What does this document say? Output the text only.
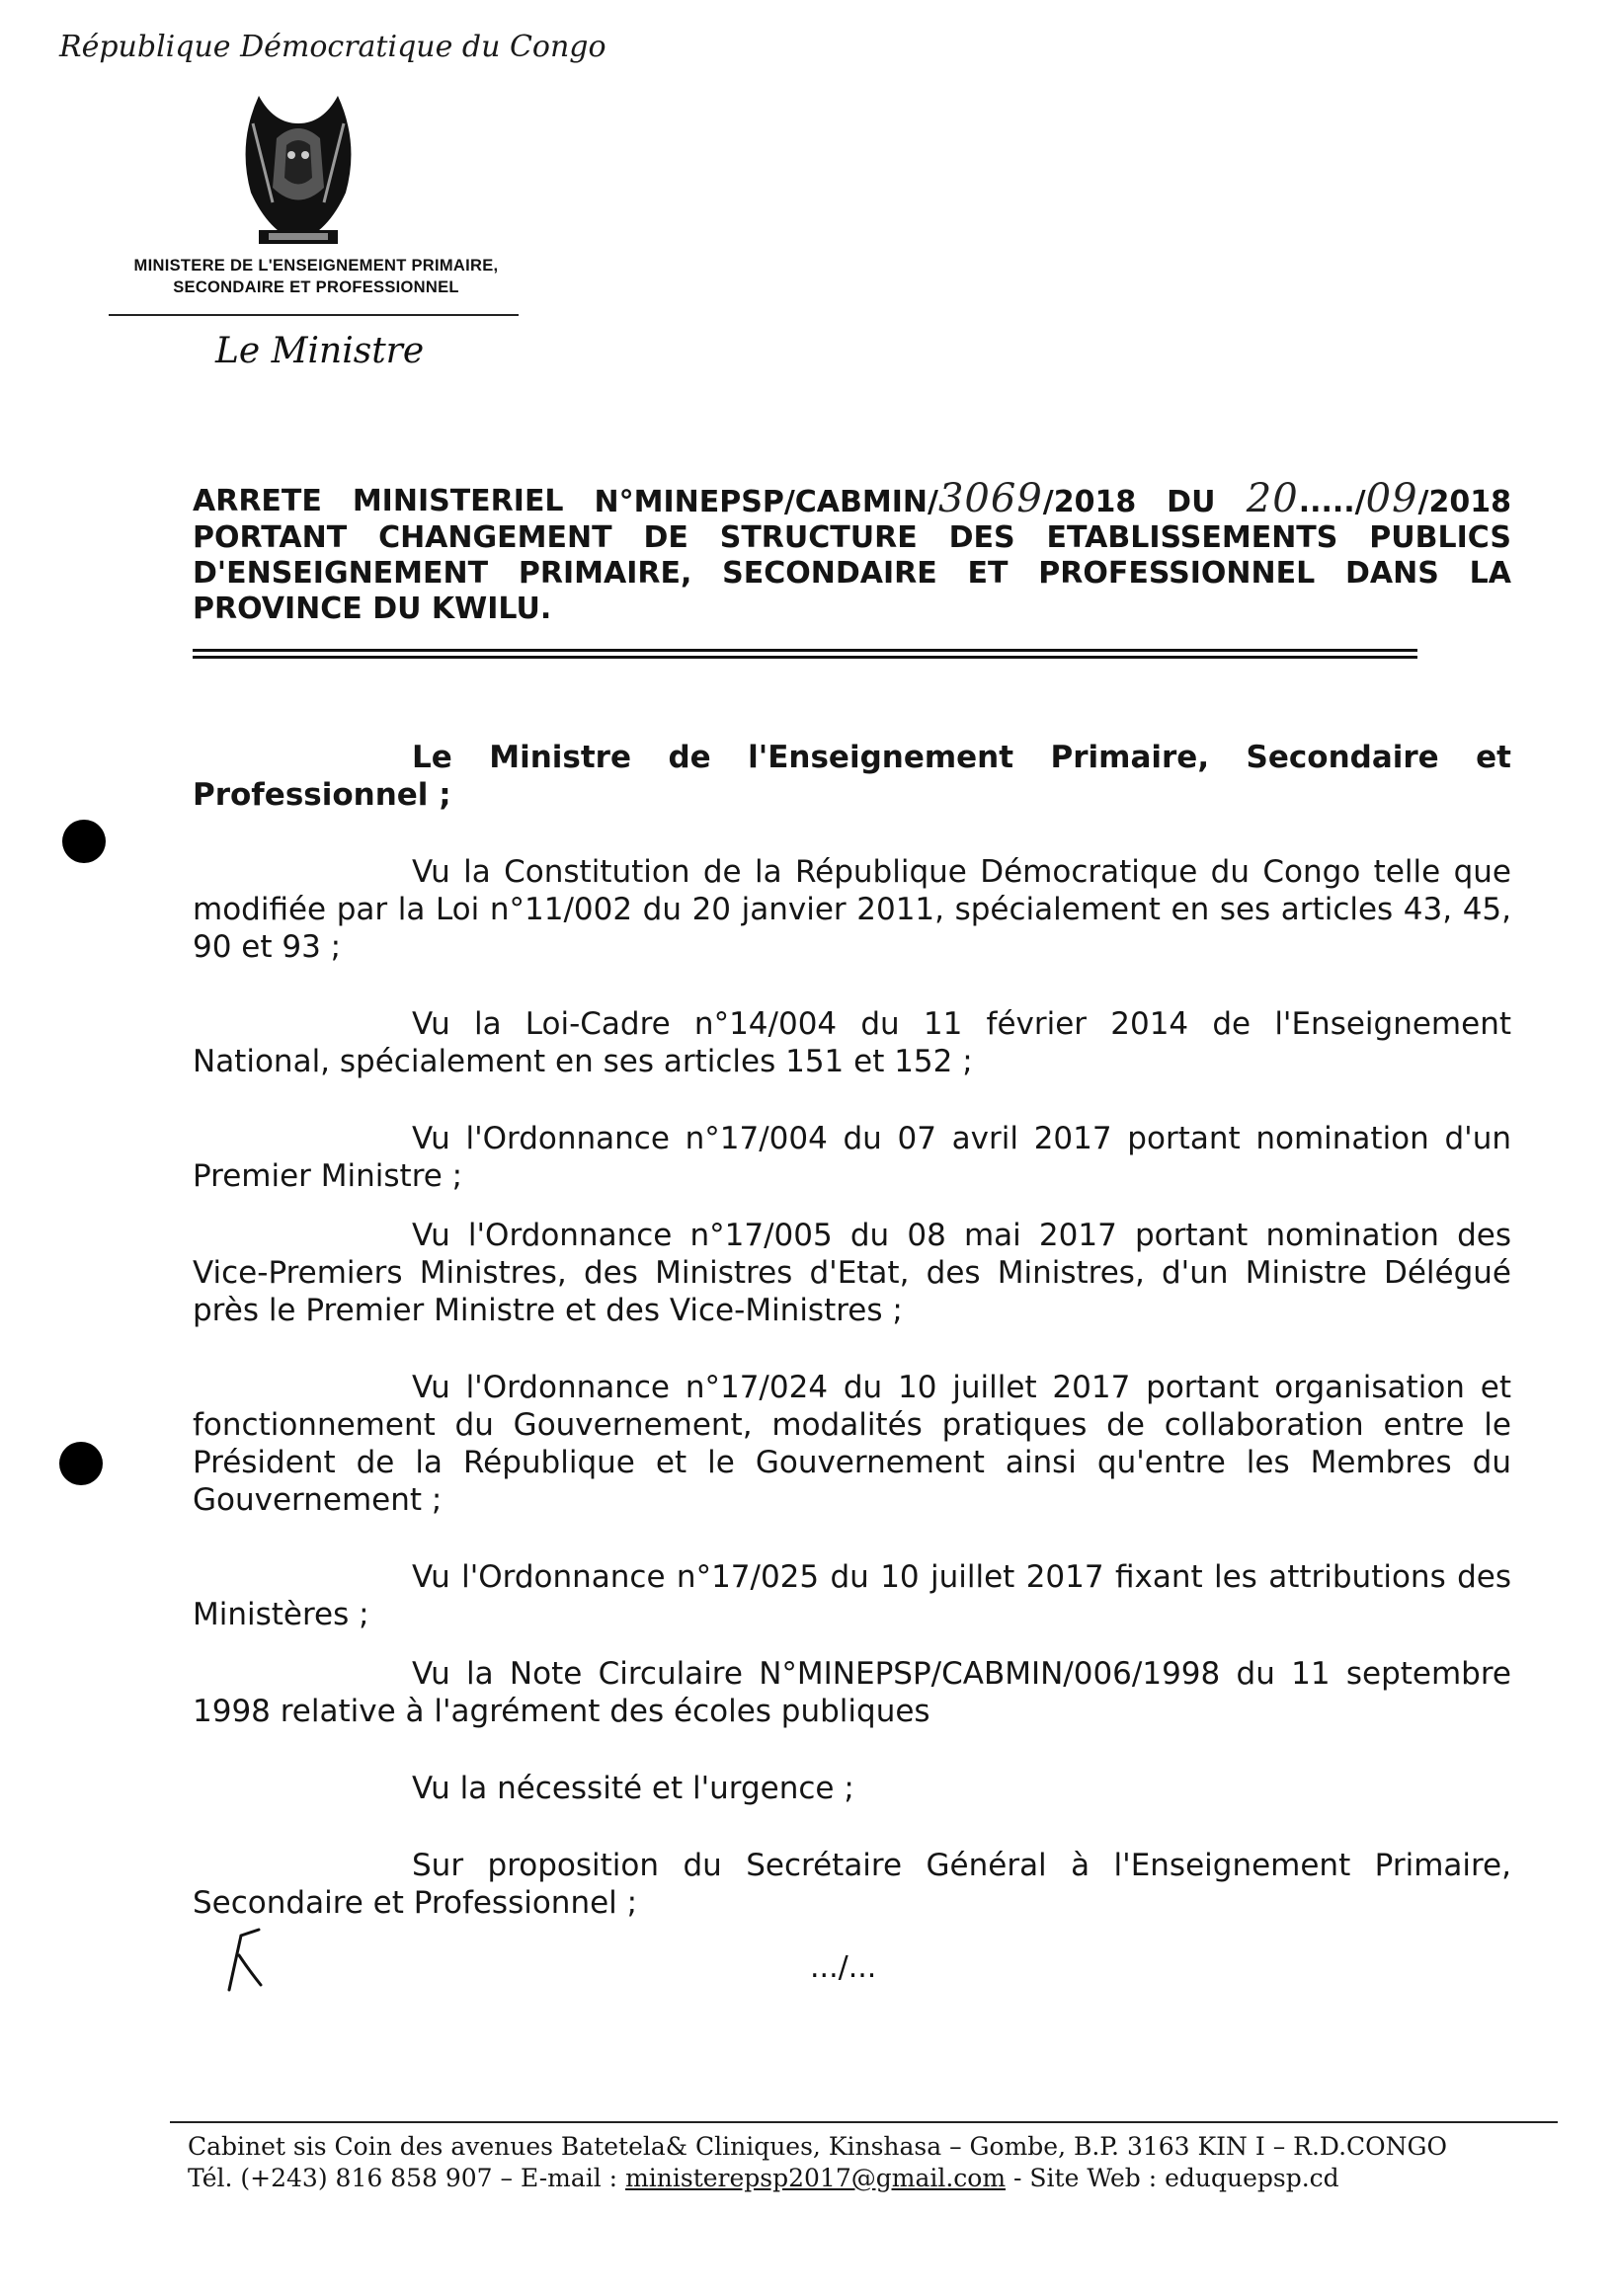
République Démocratique du Congo
MINISTERE DE L'ENSEIGNEMENT PRIMAIRE,
SECONDAIRE ET PROFESSIONNEL
Le Ministre
ARRETE MINISTERIEL N°MINEPSP/CABMIN/3069/2018 DU 20...../09/2018
PORTANT CHANGEMENT DE STRUCTURE DES ETABLISSEMENTS PUBLICS
D'ENSEIGNEMENT PRIMAIRE, SECONDAIRE ET PROFESSIONNEL DANS LA
PROVINCE DU KWILU.

Le Ministre de l'Enseignement Primaire, Secondaire et Professionnel ;

Vu la Constitution de la République Démocratique du Congo telle que modifiée par la Loi n°11/002 du 20 janvier 2011, spécialement en ses articles 43, 45, 90 et 93 ;

Vu la Loi-Cadre n°14/004 du 11 février 2014 de l'Enseignement National, spécialement en ses articles 151 et 152 ;

Vu l'Ordonnance n°17/004 du 07 avril 2017 portant nomination d'un Premier Ministre ;

Vu l'Ordonnance n°17/005 du 08 mai 2017 portant nomination des Vice-Premiers Ministres, des Ministres d'Etat, des Ministres, d'un Ministre Délégué près le Premier Ministre et des Vice-Ministres ;

Vu l'Ordonnance n°17/024 du 10 juillet 2017 portant organisation et fonctionnement du Gouvernement, modalités pratiques de collaboration entre le Président de la République et le Gouvernement ainsi qu'entre les Membres du Gouvernement ;

Vu l'Ordonnance n°17/025 du 10 juillet 2017 fixant les attributions des Ministères ;

Vu la Note Circulaire N°MINEPSP/CABMIN/006/1998 du 11 septembre 1998 relative à l'agrément des écoles publiques

Vu la nécessité et l'urgence ;

Sur proposition du Secrétaire Général à l'Enseignement Primaire, Secondaire et Professionnel ;

.../...
Cabinet sis Coin des avenues Batetela& Cliniques, Kinshasa – Gombe, B.P. 3163 KIN I – R.D.CONGO
Tél. (+243) 816 858 907 – E-mail : ministerepsp2017@gmail.com - Site Web : eduquepsp.cd
